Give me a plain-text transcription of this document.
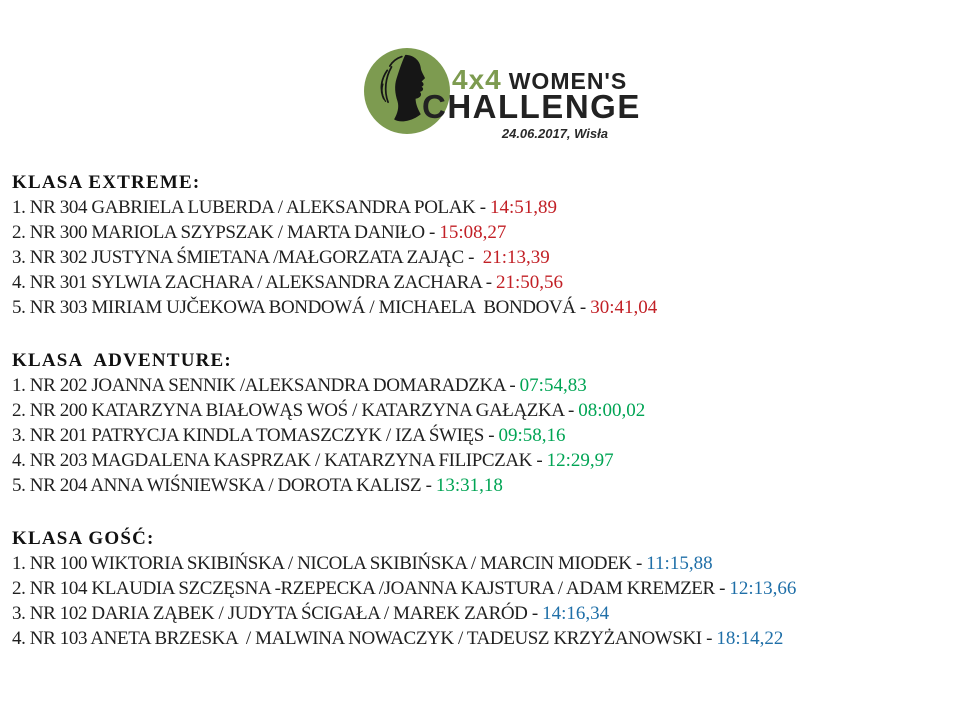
4x4 WOMEN'S
CHALLENGE
24.06.2017, Wisła
KLASA EXTREME:
1. NR 304 GABRIELA LUBERDA / ALEKSANDRA POLAK - 14:51,89
2. NR 300 MARIOLA SZYPSZAK / MARTA DANIŁO - 15:08,27
3. NR 302 JUSTYNA ŚMIETANA /MAŁGORZATA ZAJĄC -  21:13,39
4. NR 301 SYLWIA ZACHARA / ALEKSANDRA ZACHARA - 21:50,56
5. NR 303 MIRIAM UJČEKOWA BONDOWÁ / MICHAELA  BONDOVÁ - 30:41,04
KLASA  ADVENTURE:
1. NR 202 JOANNA SENNIK /ALEKSANDRA DOMARADZKA - 07:54,83
2. NR 200 KATARZYNA BIAŁOWĄS WOŚ / KATARZYNA GAŁĄZKA - 08:00,02
3. NR 201 PATRYCJA KINDLA TOMASZCZYK / IZA ŚWIĘS - 09:58,16
4. NR 203 MAGDALENA KASPRZAK / KATARZYNA FILIPCZAK - 12:29,97
5. NR 204 ANNA WIŚNIEWSKA / DOROTA KALISZ - 13:31,18
KLASA GOŚĆ:
1. NR 100 WIKTORIA SKIBIŃSKA / NICOLA SKIBIŃSKA / MARCIN MIODEK - 11:15,88
2. NR 104 KLAUDIA SZCZĘSNA -RZEPECKA /JOANNA KAJSTURA / ADAM KREMZER - 12:13,66
3. NR 102 DARIA ZĄBEK / JUDYTA ŚCIGAŁA / MAREK ZARÓD - 14:16,34
4. NR 103 ANETA BRZESKA  / MALWINA NOWACZYK / TADEUSZ KRZYŻANOWSKI - 18:14,22
